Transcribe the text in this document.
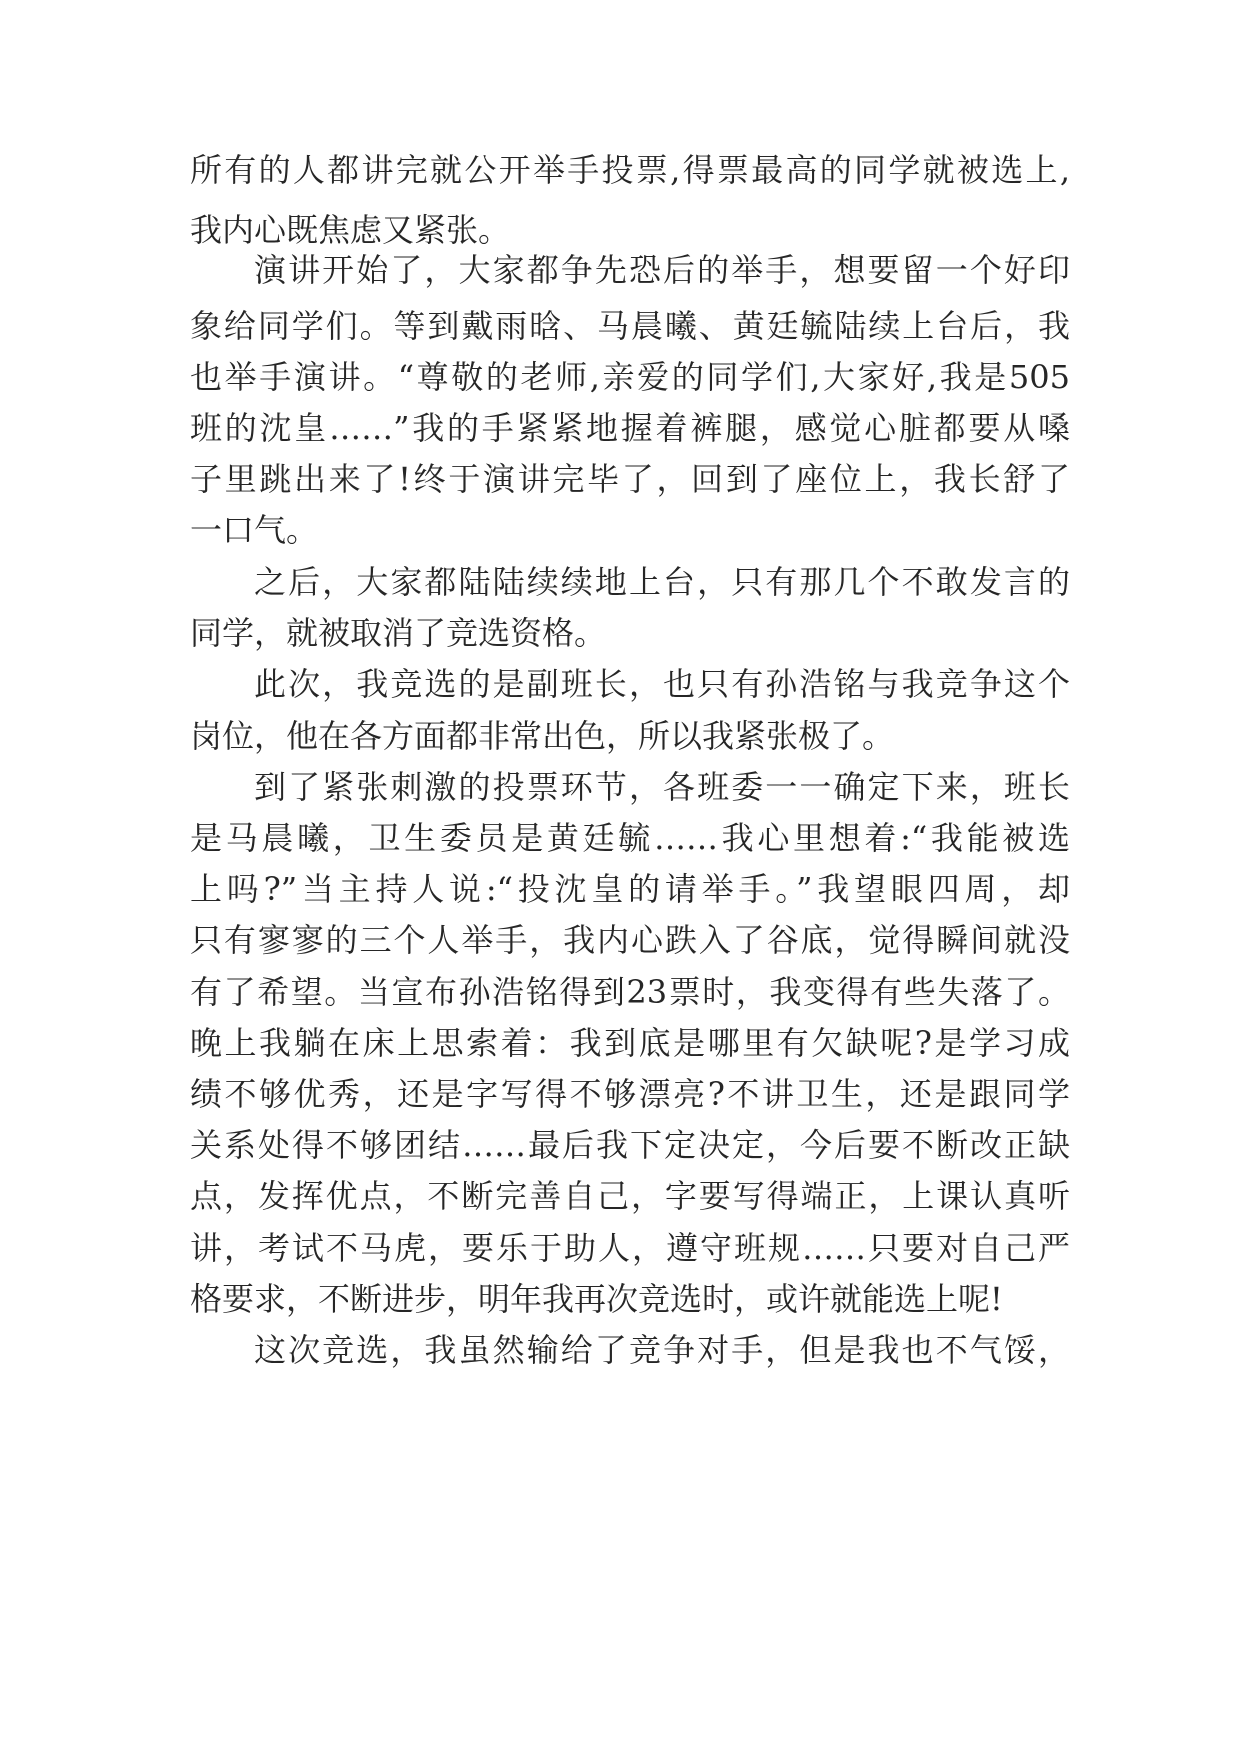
所有的人都讲完就公开举手投票,得票最高的同学就被选上,
我内心既焦虑又紧张。
演讲开始了，大家都争先恐后的举手，想要留一个好印
象给同学们。等到戴雨晗、马晨曦、黄廷毓陆续上台后，我
也举手演讲。“尊敬的老师,亲爱的同学们,大家好,我是505
班的沈皇……”我的手紧紧地握着裤腿，感觉心脏都要从嗓
子里跳出来了!终于演讲完毕了，回到了座位上，我长舒了
一口气。
之后，大家都陆陆续续地上台，只有那几个不敢发言的
同学，就被取消了竞选资格。
此次，我竞选的是副班长，也只有孙浩铭与我竞争这个
岗位，他在各方面都非常出色，所以我紧张极了。
到了紧张刺激的投票环节，各班委一一确定下来，班长
是马晨曦，卫生委员是黄廷毓……我心里想着:“我能被选
上吗?”当主持人说:“投沈皇的请举手。”我望眼四周，却
只有寥寥的三个人举手，我内心跌入了谷底，觉得瞬间就没
有了希望。当宣布孙浩铭得到23票时，我变得有些失落了。
晚上我躺在床上思索着：我到底是哪里有欠缺呢?是学习成
绩不够优秀，还是字写得不够漂亮?不讲卫生，还是跟同学
关系处得不够团结……最后我下定决定，今后要不断改正缺
点，发挥优点，不断完善自己，字要写得端正，上课认真听
讲，考试不马虎，要乐于助人，遵守班规……只要对自己严
格要求，不断进步，明年我再次竞选时，或许就能选上呢!
这次竞选，我虽然输给了竞争对手，但是我也不气馁，
